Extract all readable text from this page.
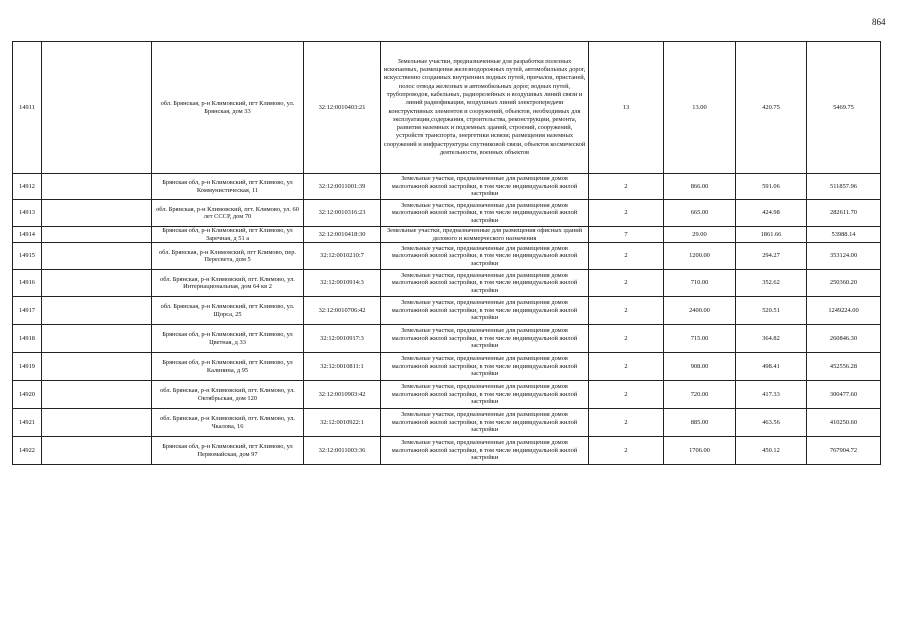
864
14911		обл. Брянская, р-н Климовский, пгт Климово, ул. Брянская, дом 33	32:12:0010403:21	Земельные участки, предназначенные для разработки полезных ископаемых, размещения железнодорожных путей, автомобильных дорог, искусственно созданных внутренних водных путей, причалов, пристаней, полос отвода железных и автомобильных дорог, водных путей, трубопроводов, кабельных, радиорелейных и воздушных линий связи и линий радиофикации, воздушных линий электропередачи конструктивных элементов и сооружений, объектов, необходимых для эксплуатации,содержания, строительства, реконструкции, ремонта, развития наземных и подземных зданий, строений, сооружений, устройств транспорта, энергетики исвязи; размещения наземных сооружений и инфраструктуры спутниковой связи, объектов космической деятельности, военных объектов	13	13.00	420.75	5469.75
14912		Брянская обл, р-н Климовский, пгт Климово, ул Коммунистическая, 11	32:12:0011001:39	Земельные участки, предназначенные для размещения домов малоэтажной жилой застройки, в том числе индивидуальной жилой застройки	2	866.00	591.06	511857.96
14913		обл. Брянская, р-н Климовский, пгт. Климово, ул. 60 лет СССР, дом 70	32:12:0010316:23	Земельные участки, предназначенные для размещения домов малоэтажной жилой застройки, в том числе индивидуальной жилой застройки	2	665.00	424.98	282611.70
14914		Брянская обл, р-н Климовский, пгт Климово, ул Заречная, д 51 а	32:12:0010418:30	Земельные участки, предназначенные для размещения офисных зданий делового и коммерческого назначения	7	29.00	1861.66	53988.14
14915		обл. Брянская, р-н Климовский, пгт Климово, пер. Пересвета, дом 5	32:12:0010210:7	Земельные участки, предназначенные для размещения домов малоэтажной жилой застройки, в том числе индивидуальной жилой застройки	2	1200.00	294.27	353124.00
14916		обл. Брянская, р-н Климовский, пгт. Климово, ул. Интернациональная, дом 64 кв 2	32:12:0010914:3	Земельные участки, предназначенные для размещения домов малоэтажной жилой застройки, в том числе индивидуальной жилой застройки	2	710.00	352.62	250360.20
14917		обл. Брянская, р-н Климовский, пгт Климово, ул. Щорса, 25	32:12:0010706:42	Земельные участки, предназначенные для размещения домов малоэтажной жилой застройки, в том числе индивидуальной жилой застройки	2	2400.00	520.51	1249224.00
14918		Брянская обл, р-н Климовский, пгт Климово, ул Цветная, д 33	32:12:0010917:3	Земельные участки, предназначенные для размещения домов малоэтажной жилой застройки, в том числе индивидуальной жилой застройки	2	715.00	364.82	260846.30
14919		Брянская обл, р-н Климовский, пгт Климово, ул Калинина, д 95	32:12:0010811:1	Земельные участки, предназначенные для размещения домов малоэтажной жилой застройки, в том числе индивидуальной жилой застройки	2	908.00	498.41	452556.28
14920		обл. Брянская, р-н Климовский, пгт. Климово, ул. Октябрьская, дом 120	32:12:0010903:42	Земельные участки, предназначенные для размещения домов малоэтажной жилой застройки, в том числе индивидуальной жилой застройки	2	720.00	417.33	300477.60
14921		обл. Брянская, р-н Климовский, пгт. Климово, ул. Чкалова, 16	32:12:0010922:1	Земельные участки, предназначенные для размещения домов малоэтажной жилой застройки, в том числе индивидуальной жилой застройки	2	885.00	463.56	410250.60
14922		Брянская обл, р-н Климовский, пгт Климово, ул Первомайская, дом 97	32:12:0011003:36	Земельные участки, предназначенные для размещения домов малоэтажной жилой застройки, в том числе индивидуальной жилой застройки	2	1706.00	450.12	767904.72
